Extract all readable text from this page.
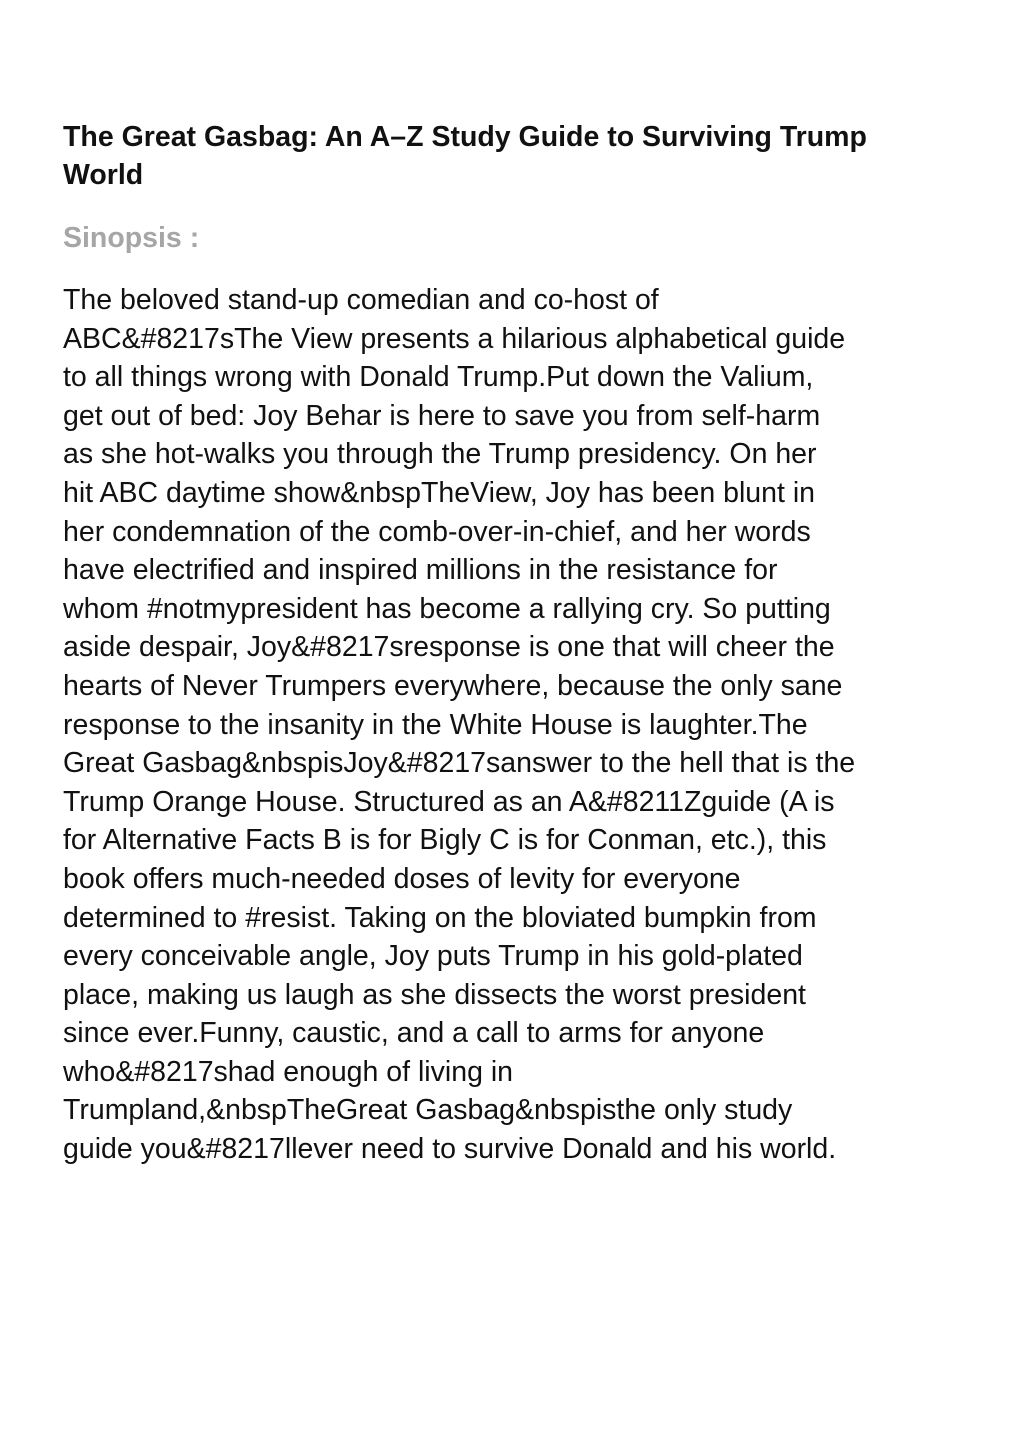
The Great Gasbag: An A–Z Study Guide to Surviving Trump
World
Sinopsis :

The beloved stand-up comedian and co-host of
ABC&#8217sThe View presents a hilarious alphabetical guide
to all things wrong with Donald Trump.Put down the Valium,
get out of bed: Joy Behar is here to save you from self-harm
as she hot-walks you through the Trump presidency. On her
hit ABC daytime show&nbspTheView, Joy has been blunt in
her condemnation of the comb-over-in-chief, and her words
have electrified and inspired millions in the resistance for
whom #notmypresident has become a rallying cry. So putting
aside despair, Joy&#8217sresponse is one that will cheer the
hearts of Never Trumpers everywhere, because the only sane
response to the insanity in the White House is laughter.The
Great Gasbag&nbspisJoy&#8217sanswer to the hell that is the
Trump Orange House. Structured as an A&#8211Zguide (A is
for Alternative Facts B is for Bigly C is for Conman, etc.), this
book offers much-needed doses of levity for everyone
determined to #resist. Taking on the bloviated bumpkin from
every conceivable angle, Joy puts Trump in his gold-plated
place, making us laugh as she dissects the worst president
since ever.Funny, caustic, and a call to arms for anyone
who&#8217shad enough of living in
Trumpland,&nbspTheGreat Gasbag&nbspisthe only study
guide you&#8217llever need to survive Donald and his world.
